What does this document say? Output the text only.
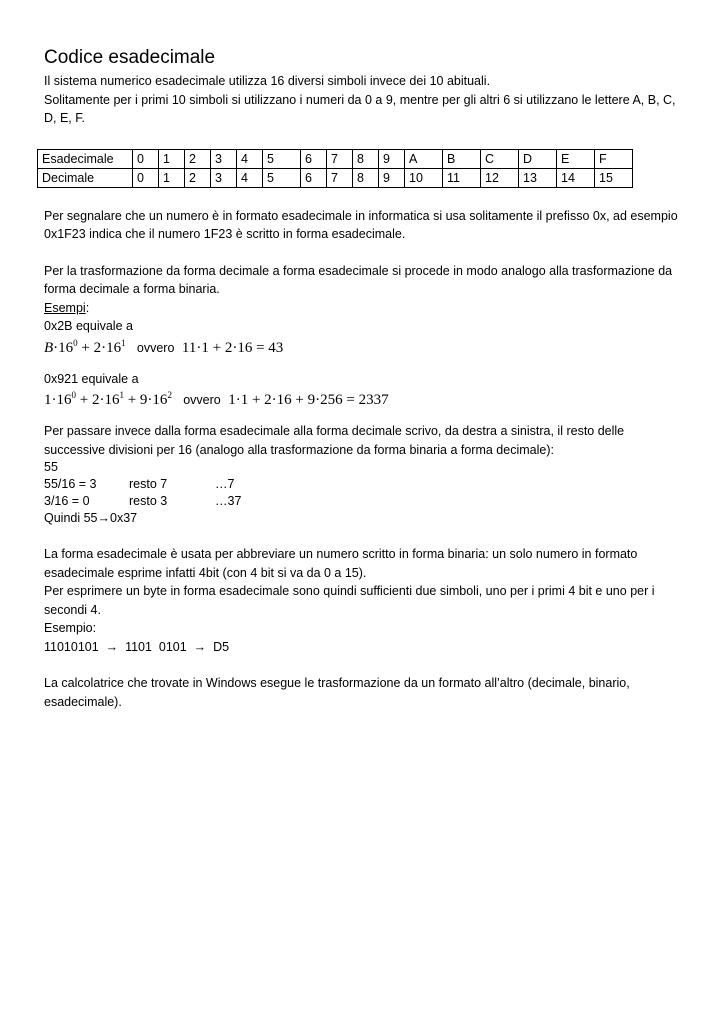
Codice esadecimale

Il sistema numerico esadecimale utilizza 16 diversi simboli invece dei 10 abituali.

Solitamente per i primi 10 simboli si utilizzano i numeri da 0 a 9, mentre per gli altri 6 si utilizzano le lettere A, B, C, D, E, F.

Esadecimale	0	1	2	3	4	5	6	7	8	9	A	B	C	D	E	F
Decimale	0	1	2	3	4	5	6	7	8	9	10	11	12	13	14	15

Per segnalare che un numero è in formato esadecimale in informatica si usa solitamente il prefisso 0x, ad esempio 0x1F23 indica che il numero 1F23 è scritto in forma esadecimale.

Per la trasformazione da forma decimale a forma esadecimale si procede in modo analogo alla trasformazione da forma decimale a forma binaria.

Esempi:

0x2B equivale a

$B\cdot 16^0 + 2\cdot 16^1$ ovvero 11·1 + 2·16 = 43

0x921 equivale a

$1\cdot 16^0 + 2\cdot 16^1 + 9\cdot 16^2$ ovvero 1·1 + 2·16 + 9·256 = 2337

Per passare invece dalla forma esadecimale alla forma decimale scrivo, da destra a sinistra, il resto delle successive divisioni per 16 (analogo alla trasformazione da forma binaria a forma decimale):

55

55/16 = 3	resto 7	…7
3/16 = 0	resto 3	…37

Quindi 55→0x37

La forma esadecimale è usata per abbreviare un numero scritto in forma binaria: un solo numero in formato esadecimale esprime infatti 4bit (con 4 bit si va da 0 a 15).

Per esprimere un byte in forma esadecimale sono quindi sufficienti due simboli, uno per i primi 4 bit e uno per i secondi 4.

Esempio:

11010101  →  1101  0101  →  D5

La calcolatrice che trovate in Windows esegue le trasformazione da un formato all’altro (decimale, binario, esadecimale).
